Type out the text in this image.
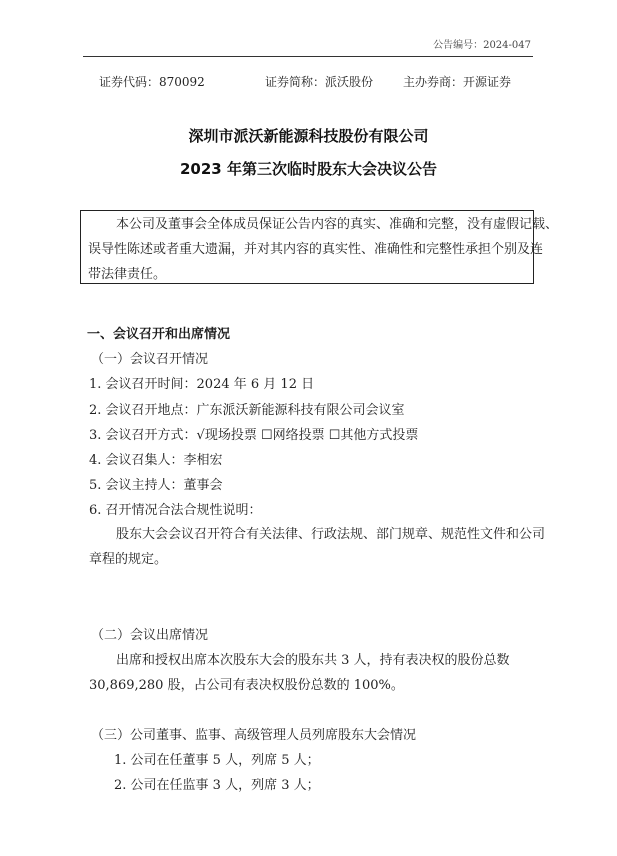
公告编号：2024-047
证券代码：870092	证券简称：派沃股份 主办券商：开源证券
深圳市派沃新能源科技股份有限公司
2023 年第三次临时股东大会决议公告
本公司及董事会全体成员保证公告内容的真实、准确和完整，没有虚假记载、
误导性陈述或者重大遗漏，并对其内容的真实性、准确性和完整性承担个别及连
带法律责任。
一、会议召开和出席情况
（一）会议召开情况
1. 会议召开时间：2024 年 6 月 12 日
2. 会议召开地点：广东派沃新能源科技有限公司会议室
3. 会议召开方式：√现场投票 ☐网络投票 ☐其他方式投票
4. 会议召集人：李相宏
5. 会议主持人：董事会
6. 召开情况合法合规性说明：
股东大会会议召开符合有关法律、行政法规、部门规章、规范性文件和公司
章程的规定。
（二）会议出席情况
出席和授权出席本次股东大会的股东共 3 人，持有表决权的股份总数
30,869,280 股，占公司有表决权股份总数的 100%。
（三）公司董事、监事、高级管理人员列席股东大会情况
1. 公司在任董事 5 人，列席 5 人；
2. 公司在任监事 3 人，列席 3 人；
